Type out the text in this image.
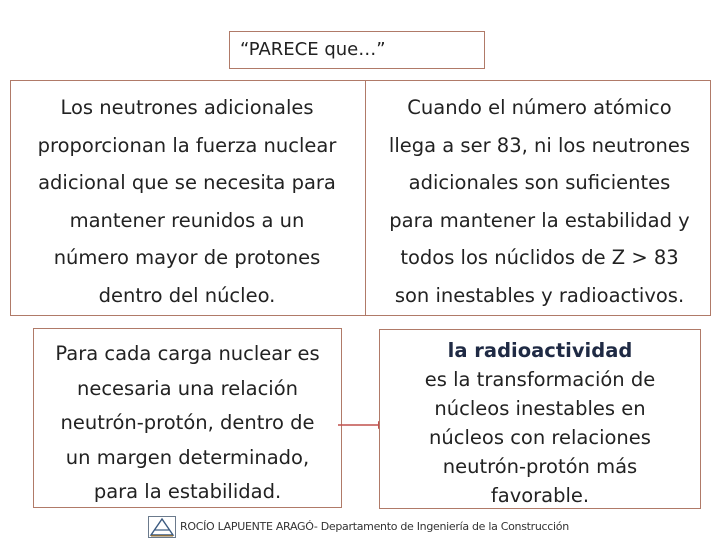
“PARECE que…”

Los neutrones adicionales

proporcionan la fuerza nuclear

adicional que se necesita para

mantener reunidos a un

número mayor de protones

dentro del núcleo.

Cuando el número atómico

llega a ser 83, ni los neutrones

adicionales son suficientes

para mantener la estabilidad y

todos los núclidos de Z > 83

son inestables y radioactivos.

Para cada carga nuclear es

necesaria una relación

neutrón-protón, dentro de

un margen determinado,

para la estabilidad.

la radioactividad

es la transformación de

núcleos inestables en

núcleos con relaciones

neutrón-protón más

favorable.

ROCÍO LAPUENTE ARAGÓ- Departamento de Ingeniería de la Construcción
